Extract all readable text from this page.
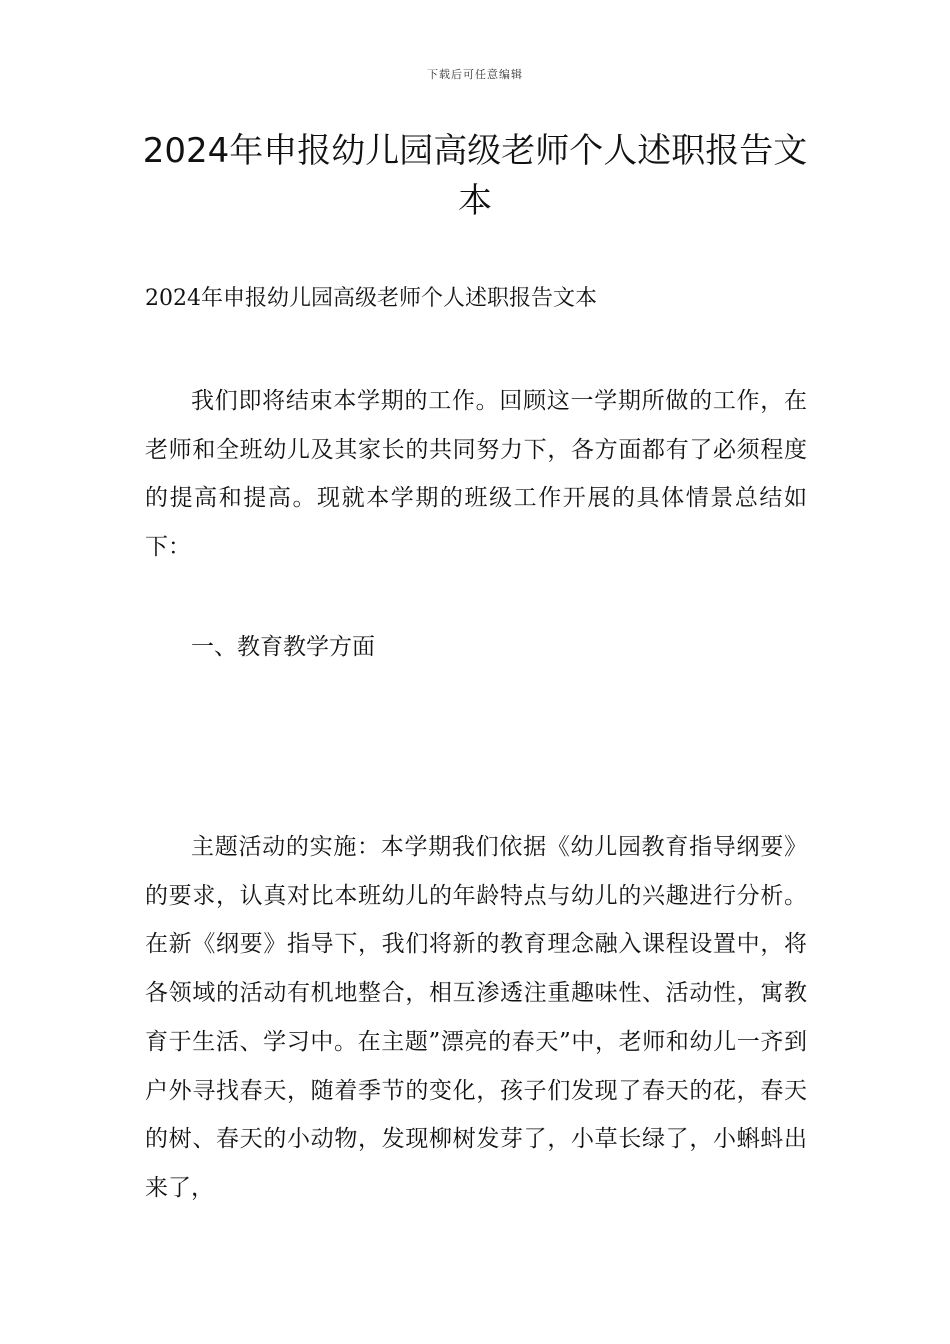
下载后可任意编辑
2024年申报幼儿园高级老师个人述职报告文本
2024年申报幼儿园高级老师个人述职报告文本

我们即将结束本学期的工作。回顾这一学期所做的工作，在老师和全班幼儿及其家长的共同努力下，各方面都有了必须程度的提高和提高。现就本学期的班级工作开展的具体情景总结如下：

一、教育教学方面

主题活动的实施：本学期我们依据《幼儿园教育指导纲要》的要求，认真对比本班幼儿的年龄特点与幼儿的兴趣进行分析。在新《纲要》指导下，我们将新的教育理念融入课程设置中，将各领域的活动有机地整合，相互渗透注重趣味性、活动性，寓教育于生活、学习中。在主题”漂亮的春天”中，老师和幼儿一齐到户外寻找春天，随着季节的变化，孩子们发现了春天的花，春天的树、春天的小动物，发现柳树发芽了，小草长绿了，小蝌蚪出来了，
